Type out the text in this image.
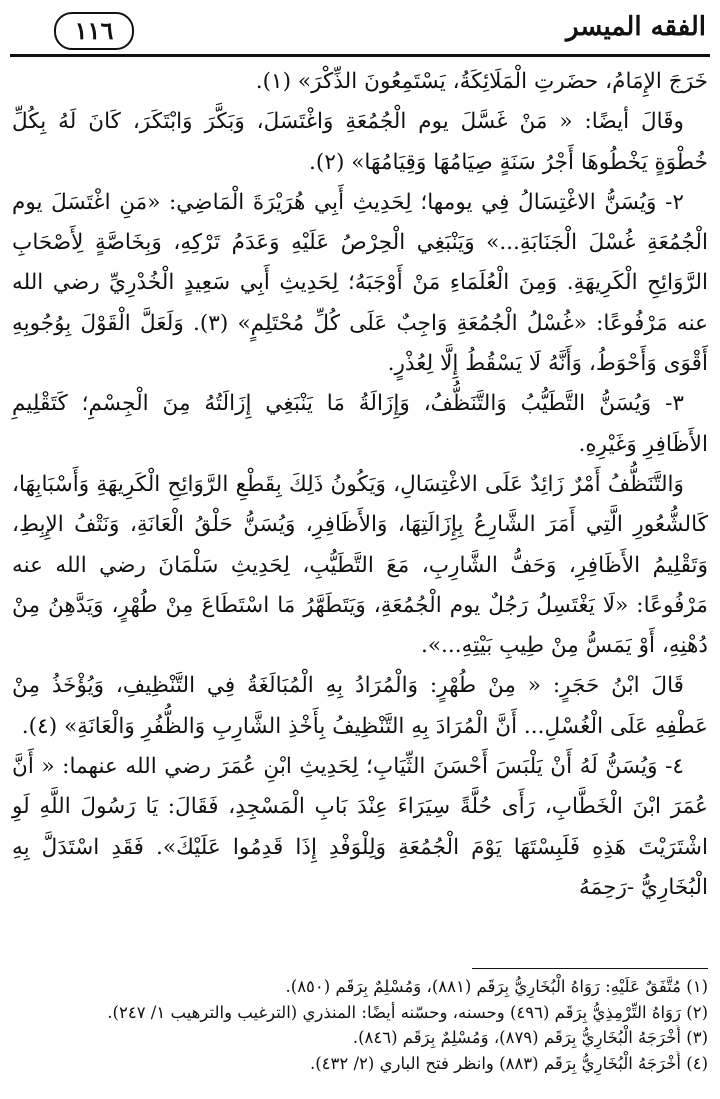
الفقه الميسر
١١٦

خَرَجَ الإِمَامُ، حضَرتِ الْمَلَائِكَةُ، يَسْتَمِعُونَ الذِّكْرَ» (١).

وقَالَ أيضًا: « مَنْ غَسَّلَ يوم الْجُمُعَةِ وَاغْتَسَلَ، وَبَكَّرَ وَابْتَكَرَ، كَانَ لَهُ بِكُلِّ خُطْوَةٍ يَخْطُوهَا أَجْرُ سَنَةٍ صِيَامُهَا وَقِيَامُهَا» (٢).

٢- وَيُسَنُّ الاغْتِسَالُ فِي يومها؛ لِحَدِيثِ أَبِي هُرَيْرَةَ الْمَاضِي: «مَنِ اغْتَسَلَ يوم الْجُمُعَةِ غُسْلَ الْجَنَابَةِ...» وَيَنْبَغِي الْحِرْصُ عَلَيْهِ وَعَدَمُ تَرْكِهِ، وَبِخَاصَّةٍ لِأَصْحَابِ الرَّوَائِحِ الْكَرِيهَةِ. وَمِنَ الْعُلَمَاءِ مَنْ أَوْجَبَهُ؛ لِحَدِيثِ أَبِي سَعِيدٍ الْخُدْرِيِّ رضي الله عنه مَرْفُوعًا: «غُسْلُ الْجُمُعَةِ وَاجِبٌ عَلَى كُلِّ مُحْتَلِمٍ» (٣). وَلَعَلَّ الْقَوْلَ بِوُجُوبِهِ أَقْوَى وَأَحْوَطُ، وَأَنَّهُ لَا يَسْقُطُ إِلَّا لِعُذْرٍ.

٣- وَيُسَنُّ التَّطَيُّبُ وَالتَّنَظُّفُ، وَإِزَالَةُ مَا يَنْبَغِي إِزَالَتُهُ مِنَ الْجِسْمِ؛ كَتَقْلِيمِ الأَظَافِرِ وَغَيْرِهِ.

وَالتَّنَظُّفُ أَمْرٌ زَائِدٌ عَلَى الاغْتِسَالِ، وَيَكُونُ ذَلِكَ بِقَطْعِ الرَّوَائِحِ الْكَرِيهَةِ وَأَسْبَابِهَا، كَالشُّعُورِ الَّتِي أَمَرَ الشَّارِعُ بِإِزَالَتِهَا، وَالأَظَافِرِ، وَيُسَنُّ حَلْقُ الْعَانَةِ، وَنَتْفُ الإِبِطِ، وَتَقْلِيمُ الأَظَافِرِ، وَحَفُّ الشَّارِبِ، مَعَ التَّطَيُّبِ، لِحَدِيثِ سَلْمَانَ رضي الله عنه مَرْفُوعًا: «لَا يَغْتَسِلُ رَجُلٌ يوم الْجُمُعَةِ، وَيَتَطَهَّرُ مَا اسْتَطَاعَ مِنْ طُهْرٍ، وَيَدَّهِنُ مِنْ دُهْنِهِ، أَوْ يَمَسُّ مِنْ طِيبِ بَيْتِهِ...».

قَالَ ابْنُ حَجَرٍ: « مِنْ طُهْرٍ: وَالْمُرَادُ بِهِ الْمُبَالَغَةُ فِي التَّنْظِيفِ، وَيُؤْخَذُ مِنْ عَطْفِهِ عَلَى الْغُسْلِ... أَنَّ الْمُرَادَ بِهِ التَّنْظِيفُ بِأَخْذِ الشَّارِبِ وَالظُّفُرِ وَالْعَانَةِ» (٤).

٤- وَيُسَنُّ لَهُ أَنْ يَلْبَسَ أَحْسَنَ الثِّيَابِ؛ لِحَدِيثِ ابْنِ عُمَرَ رضي الله عنهما: « أَنَّ عُمَرَ ابْنَ الْخَطَّابِ، رَأَى حُلَّةً سِيَرَاءَ عِنْدَ بَابِ الْمَسْجِدِ، فَقَالَ: يَا رَسُولَ اللَّهِ لَوِ اشْتَرَيْتَ هَذِهِ فَلَبِسْتَهَا يَوْمَ الْجُمُعَةِ وَلِلْوَفْدِ إِذَا قَدِمُوا عَلَيْكَ». فَقَدِ اسْتَدَلَّ بِهِ الْبُخَارِيُّ -رَحِمَهُ

(١) مُتَّفَقٌ عَلَيْهِ: رَوَاهُ الْبُخَارِيُّ بِرَقَم (٨٨١)، وَمُسْلِمٌ بِرَقَم (٨٥٠).

(٢) رَوَاهُ التِّرْمِذِيُّ بِرَقَم (٤٩٦) وحسنه، وحسّنه أيضًا: المنذري (الترغيب والترهيب ١/ ٢٤٧).

(٣) أَخْرَجَهُ الْبُخَارِيُّ بِرَقَم (٨٧٩)، وَمُسْلِمٌ بِرَقَم (٨٤٦).

(٤) أَخْرَجَهُ الْبُخَارِيُّ بِرَقَم (٨٨٣) وانظر فتح الباري (٢/ ٤٣٢).
